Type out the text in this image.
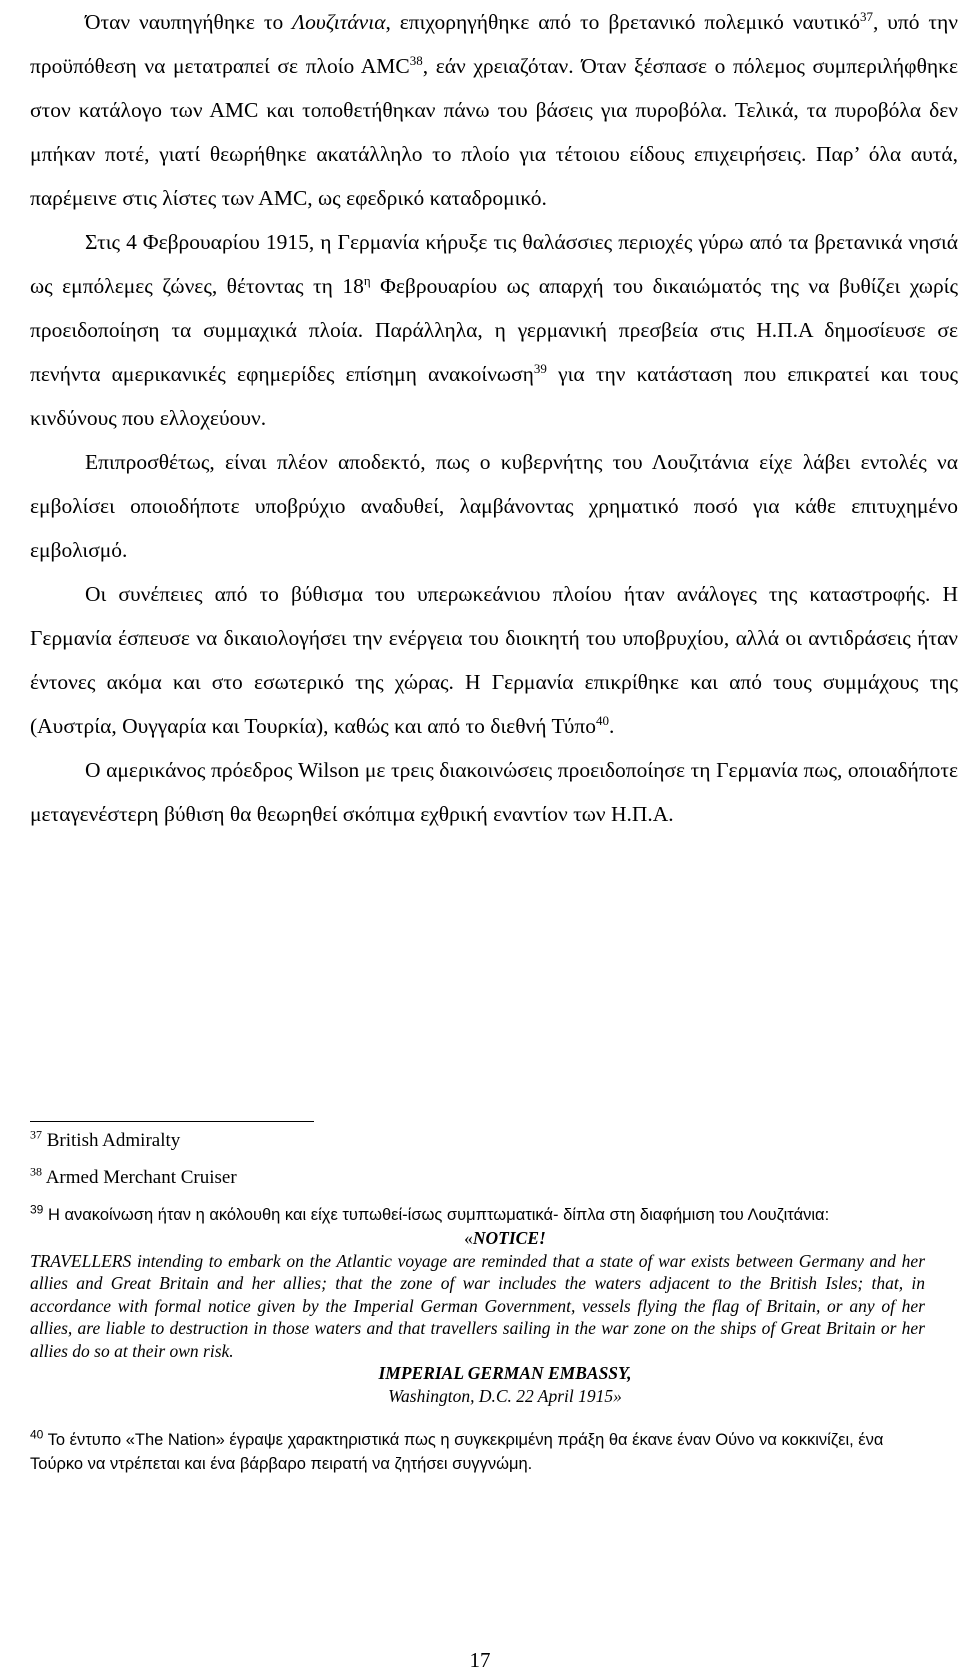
Όταν ναυπηγήθηκε το Λουζιτάνια, επιχορηγήθηκε από το βρετανικό πολεμικό ναυτικό$^{37}$, υπό την προϋπόθεση να μετατραπεί σε πλοίο ΑΜC$^{38}$, εάν χρειαζόταν. Όταν ξέσπασε ο πόλεμος συμπεριλήφθηκε στον κατάλογο των ΑΜC και τοποθετήθηκαν πάνω του βάσεις για πυροβόλα. Τελικά, τα πυροβόλα δεν μπήκαν ποτέ, γιατί θεωρήθηκε ακατάλληλο το πλοίο για τέτοιου είδους επιχειρήσεις. Παρ’ όλα αυτά, παρέμεινε στις λίστες των ΑΜC, ως εφεδρικό καταδρομικό.

Στις 4 Φεβρουαρίου 1915, η Γερμανία κήρυξε τις θαλάσσιες περιοχές γύρω από τα βρετανικά νησιά ως εμπόλεμες ζώνες, θέτοντας τη $18^\eta$ Φεβρουαρίου ως απαρχή του δικαιώματός της να βυθίζει χωρίς προειδοποίηση τα συμμαχικά πλοία. Παράλληλα, η γερμανική πρεσβεία στις Η.Π.Α δημοσίευσε σε πενήντα αμερικανικές εφημερίδες επίσημη ανακοίνωση$^{39}$ για την κατάσταση που επικρατεί και τους κινδύνους που ελλοχεύουν.

Επιπροσθέτως, είναι πλέον αποδεκτό, πως ο κυβερνήτης του Λουζιτάνια είχε λάβει εντολές να εμβολίσει οποιοδήποτε υποβρύχιο αναδυθεί, λαμβάνοντας χρηματικό ποσό για κάθε επιτυχημένο εμβολισμό.

Οι συνέπειες από το βύθισμα του υπερωκεάνιου πλοίου ήταν ανάλογες της καταστροφής. Η Γερμανία έσπευσε να δικαιολογήσει την ενέργεια του διοικητή του υποβρυχίου, αλλά οι αντιδράσεις ήταν έντονες ακόμα και στο εσωτερικό της χώρας. Η Γερμανία επικρίθηκε και από τους συμμάχους της (Αυστρία, Ουγγαρία και Τουρκία), καθώς και από το διεθνή Τύπο$^{40}$.

Ο αμερικάνος πρόεδρος Wilson με τρεις διακοινώσεις προειδοποίησε τη Γερμανία πως, οποιαδήποτε μεταγενέστερη βύθιση θα θεωρηθεί σκόπιμα εχθρική εναντίον των Η.Π.Α.

$^{37}$ British Admiralty

$^{38}$ Armed Merchant Cruiser

$^{39}$ Η ανακοίνωση ήταν η ακόλουθη και είχε τυπωθεί-ίσως συμπτωματικά- δίπλα στη διαφήμιση του Λουζιτάνια:
«NOTICE!
TRAVELLERS intending to embark on the Atlantic voyage are reminded that a state of war exists between Germany and her allies and Great Britain and her allies; that the zone of war includes the waters adjacent to the British Isles; that, in accordance with formal notice given by the Imperial German Government, vessels flying the flag of Britain, or any of her allies, are liable to destruction in those waters and that travellers sailing in the war zone on the ships of Great Britain or her allies do so at their own risk.
IMPERIAL GERMAN EMBASSY,
Washington, D.C. 22 April 1915»

$^{40}$ Το έντυπο «The Nation» έγραψε χαρακτηριστικά πως η συγκεκριμένη πράξη θα έκανε έναν Ούνο να κοκκινίζει, ένα Τούρκο να ντρέπεται και ένα βάρβαρο πειρατή να ζητήσει συγγνώμη.

17
